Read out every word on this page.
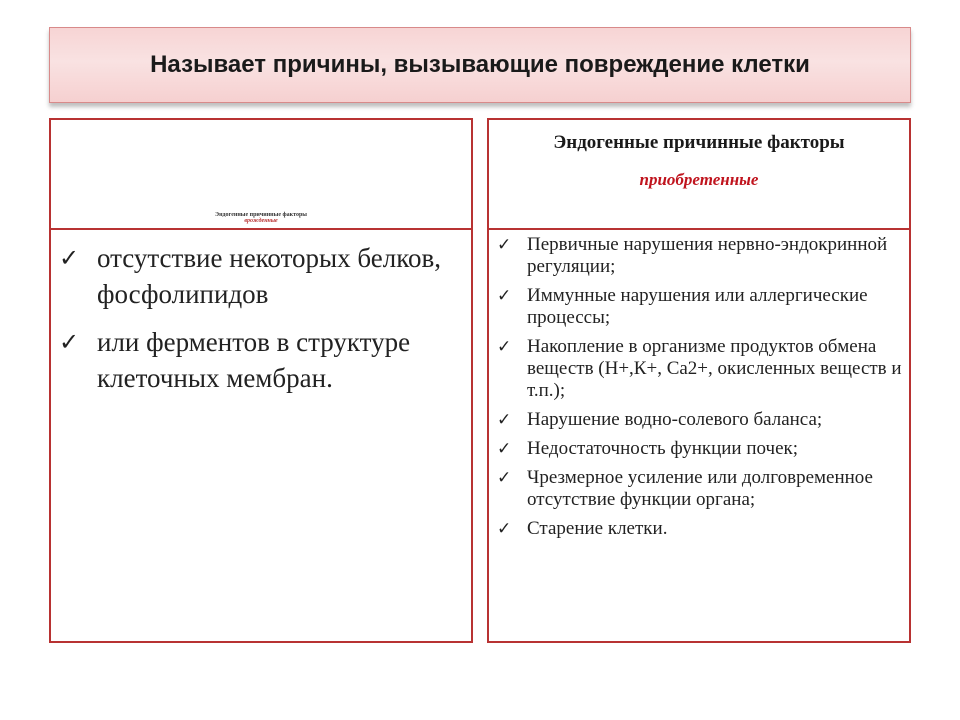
Называет причины, вызывающие повреждение клетки
Эндогенные причинные факторы
врожденные
Эндогенные причинные факторы
приобретенные
✓ отсутствие некоторых белков, фосфолипидов
✓ или ферментов в структуре клеточных мембран.
✓ Первичные нарушения нервно-эндокринной регуляции;
✓ Иммунные нарушения или аллергические процессы;
✓ Накопление в организме продуктов обмена веществ (Н+,К+, Са2+, окисленных веществ и т.п.);
✓ Нарушение водно-солевого баланса;
✓ Недостаточность функции почек;
✓ Чрезмерное усиление или долговременное отсутствие функции органа;
✓ Старение клетки.
